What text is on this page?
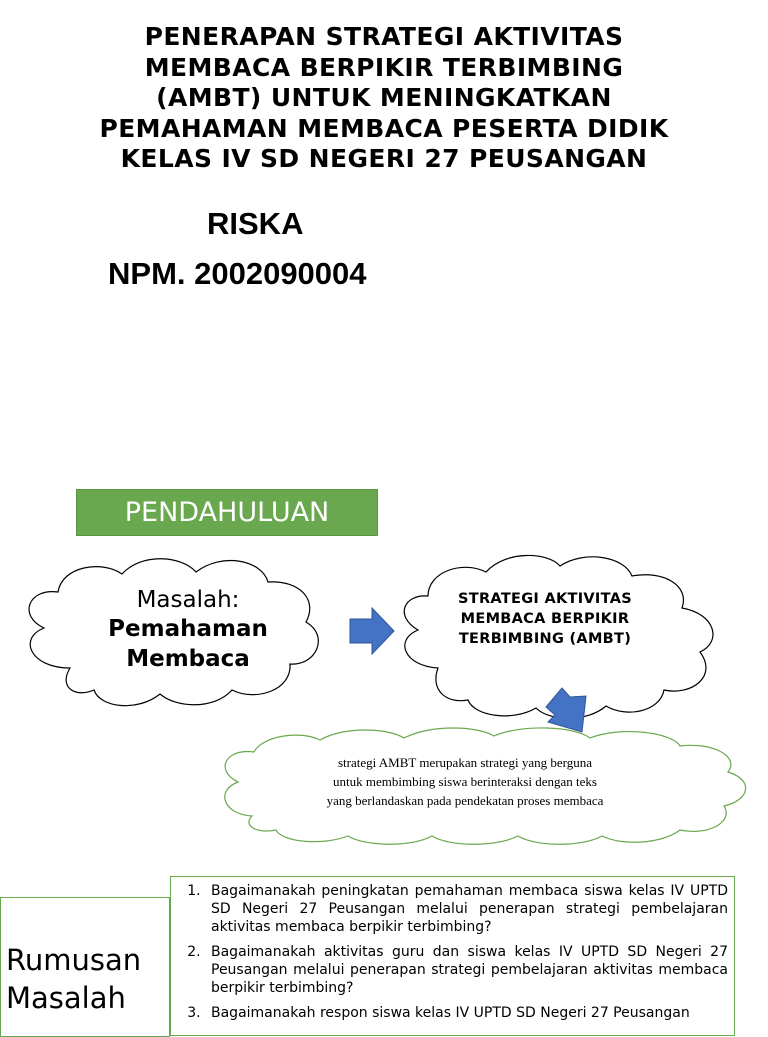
PENERAPAN STRATEGI AKTIVITAS
MEMBACA BERPIKIR TERBIMBING
(AMBT) UNTUK MENINGKATKAN
PEMAHAMAN MEMBACA PESERTA DIDIK
KELAS IV SD NEGERI 27 PEUSANGAN
RISKA
NPM. 2002090004
PENDAHULUAN
Masalah:
Pemahaman
Membaca
STRATEGI AKTIVITAS
MEMBACA BERPIKIR
TERBIMBING (AMBT)
strategi AMBT merupakan strategi yang berguna
untuk membimbing siswa berinteraksi dengan teks
yang berlandaskan pada pendekatan proses membaca
Rumusan
Masalah
1. Bagaimanakah peningkatan pemahaman membaca siswa kelas IV UPTD SD Negeri 27 Peusangan melalui penerapan strategi pembelajaran aktivitas membaca berpikir terbimbing?
2. Bagaimanakah aktivitas guru dan siswa kelas IV UPTD SD Negeri 27 Peusangan melalui penerapan strategi pembelajaran aktivitas membaca berpikir terbimbing?
3. Bagaimanakah respon siswa kelas IV UPTD SD Negeri 27 Peusangan
